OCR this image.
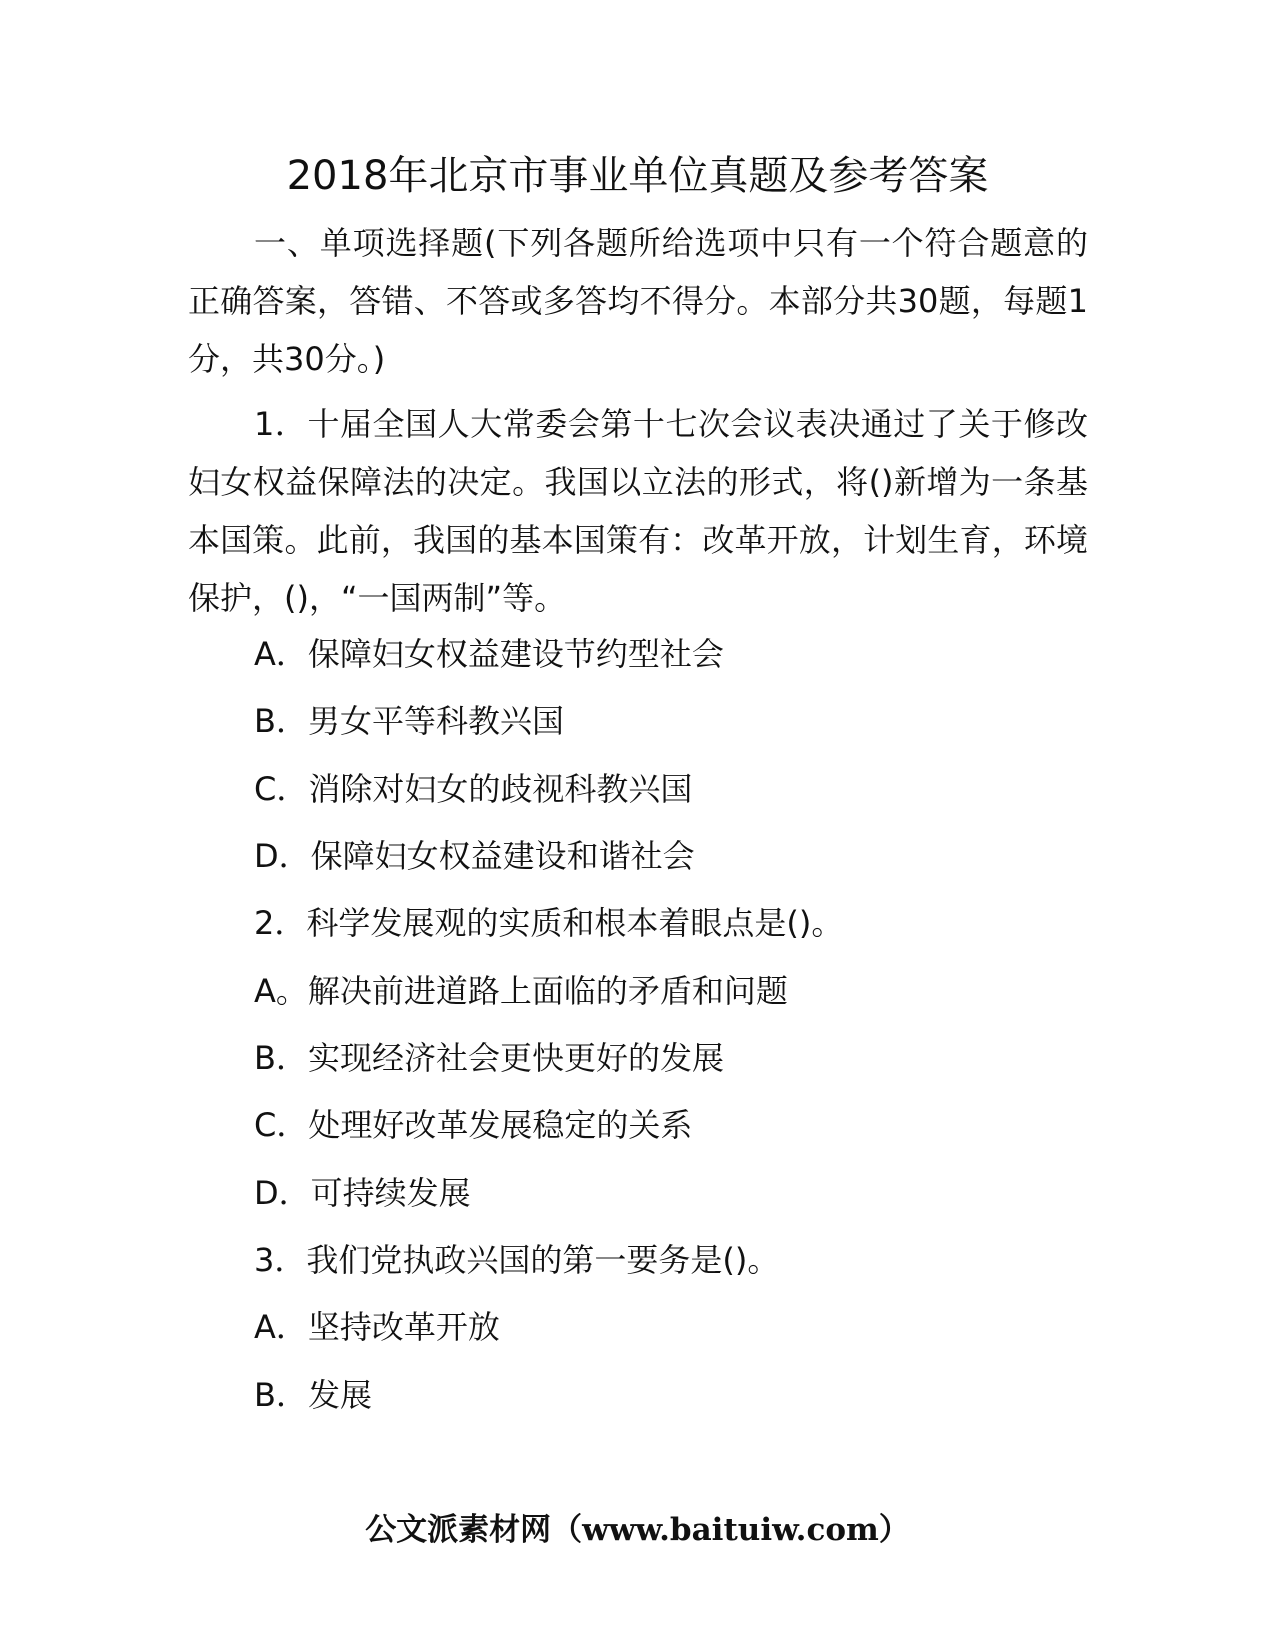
2018年北京市事业单位真题及参考答案

一、单项选择题(下列各题所给选项中只有一个符合题意的正确答案，答错、不答或多答均不得分。本部分共30题，每题1分，共30分。)

1．十届全国人大常委会第十七次会议表决通过了关于修改妇女权益保障法的决定。我国以立法的形式，将()新增为一条基本国策。此前，我国的基本国策有：改革开放，计划生育，环境保护，()，“一国两制”等。

A．保障妇女权益建设节约型社会

B．男女平等科教兴国

C．消除对妇女的歧视科教兴国

D．保障妇女权益建设和谐社会

2．科学发展观的实质和根本着眼点是()。

A。解决前进道路上面临的矛盾和问题

B．实现经济社会更快更好的发展

C．处理好改革发展稳定的关系

D．可持续发展

3．我们党执政兴国的第一要务是()。

A．坚持改革开放

B．发展

公文派素材网（www.baituiw.com）
